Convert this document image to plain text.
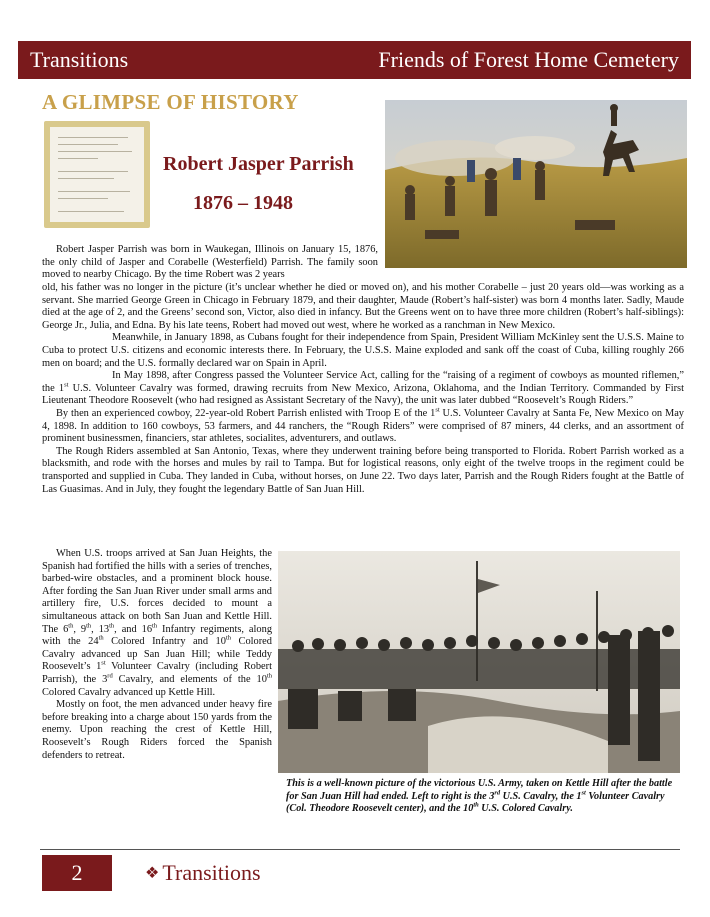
Transitions	Friends of Forest Home Cemetery
A GLIMPSE OF HISTORY
Robert Jasper Parrish
1876 – 1948

Robert Jasper Parrish was born in Waukegan, Illinois on January 15, 1876, the only child of Jasper and Corabelle (Westerfield) Parrish. The family soon moved to nearby Chicago. By the time Robert was 2 years

old, his father was no longer in the picture (it’s unclear whether he died or moved on), and his mother Corabelle – just 20 years old—was working as a servant. She married George Green in Chicago in February 1879, and their daughter, Maude (Robert’s half-sister) was born 4 months later. Sadly, Maude died at the age of 2, and the Greens’ second son, Victor, also died in infancy. But the Greens went on to have three more children (Robert’s half-siblings): George Jr., Julia, and Edna. By his late teens, Robert had moved out west, where he worked as a ranchman in New Mexico.

Meanwhile, in January 1898, as Cubans fought for their independence from Spain, President William McKinley sent the U.S.S. Maine to Cuba to protect U.S. citizens and economic interests there. In February, the U.S.S. Maine exploded and sank off the coast of Cuba, killing roughly 266 men on board; and the U.S. formally declared war on Spain in April.

In May 1898, after Congress passed the Volunteer Service Act, calling for the “raising of a regiment of cowboys as mounted riflemen,” the 1st U.S. Volunteer Cavalry was formed, drawing recruits from New Mexico, Arizona, Oklahoma, and the Indian Territory. Commanded by First Lieutenant Theodore Roosevelt (who had resigned as Assistant Secretary of the Navy), the unit was later dubbed “Roosevelt’s Rough Riders.”

By then an experienced cowboy, 22-year-old Robert Parrish enlisted with Troop E of the 1st U.S. Volunteer Cavalry at Santa Fe, New Mexico on May 4, 1898. In addition to 160 cowboys, 53 farmers, and 44 ranchers, the “Rough Riders” were comprised of 87 miners, 44 clerks, and an assortment of prominent businessmen, financiers, star athletes, socialites, adventurers, and outlaws.

The Rough Riders assembled at San Antonio, Texas, where they underwent training before being transported to Florida. Robert Parrish worked as a blacksmith, and rode with the horses and mules by rail to Tampa. But for logistical reasons, only eight of the twelve troops in the regiment could be transported and supplied in Cuba. They landed in Cuba, without horses, on June 22. Two days later, Parrish and the Rough Riders fought at the Battle of Las Guasimas. And in July, they fought the legendary Battle of San Juan Hill.

When U.S. troops arrived at San Juan Heights, the Spanish had fortified the hills with a series of trenches, barbed-wire obstacles, and a prominent block house. After fording the San Juan River under small arms and artillery fire, U.S. forces decided to mount a simultaneous attack on both San Juan and Kettle Hill. The 6th, 9th, 13th, and 16th Infantry regiments, along with the 24th Colored Infantry and 10th Colored Cavalry advanced up San Juan Hill; while Teddy Roosevelt’s 1st Volunteer Cavalry (including Robert Parrish), the 3rd Cavalry, and elements of the 10th Colored Cavalry advanced up Kettle Hill.

Mostly on foot, the men advanced under heavy fire before breaking into a charge about 150 yards from the enemy. Upon reaching the crest of Kettle Hill, Roosevelt’s Rough Riders forced the Spanish defenders to retreat.

This is a well-known picture of the victorious U.S. Army, taken on Kettle Hill after the battle for San Juan Hill had ended. Left to right is the 3rd U.S. Cavalry, the 1st Volunteer Cavalry (Col. Theodore Roosevelt center), and the 10th U.S. Colored Cavalry.
2	❖ Transitions
